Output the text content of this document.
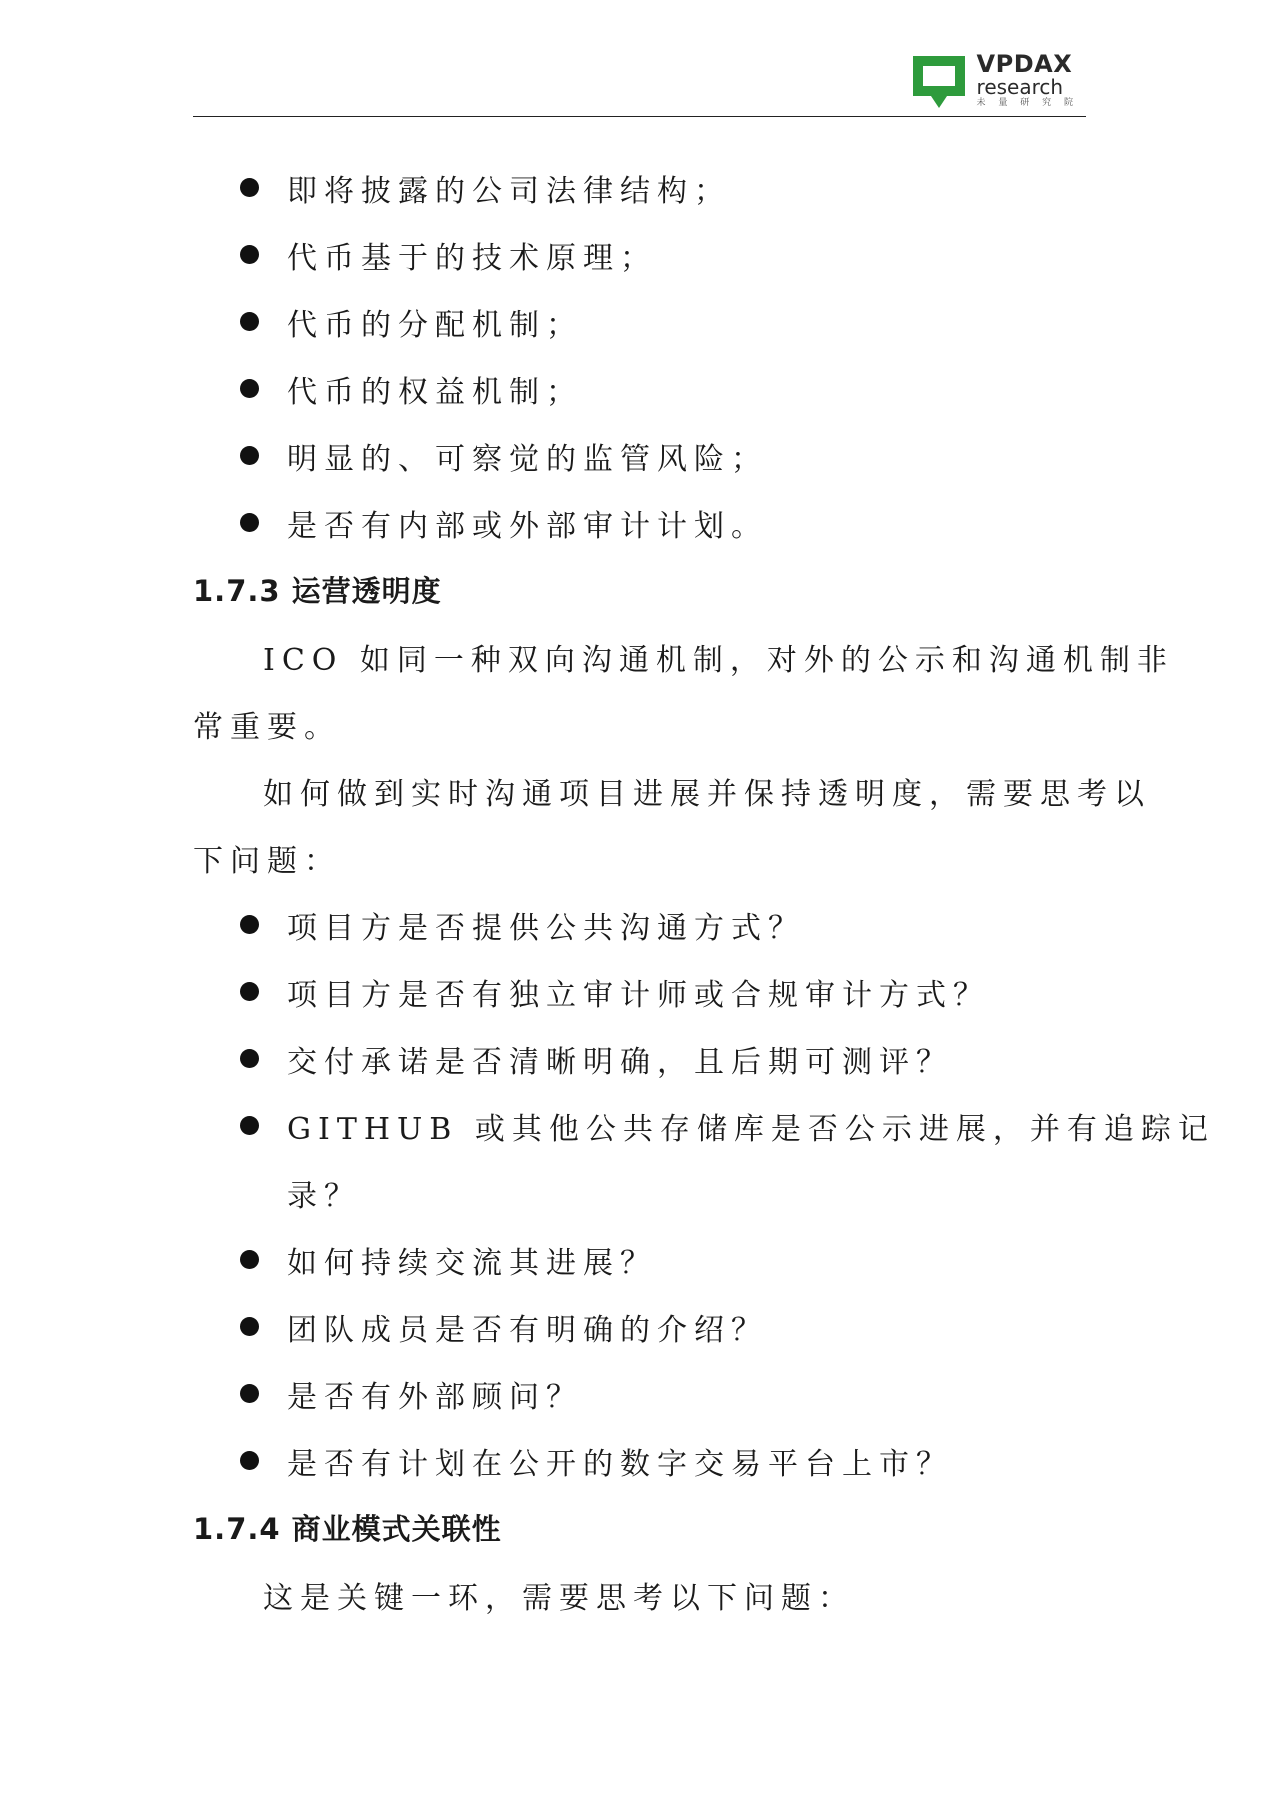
VPDAX
research
未 量 研 究 院
即将披露的公司法律结构；
代币基于的技术原理；
代币的分配机制；
代币的权益机制；
明显的、可察觉的监管风险；
是否有内部或外部审计计划。
1.7.3 运营透明度
ICO 如同一种双向沟通机制，对外的公示和沟通机制非
常重要。
如何做到实时沟通项目进展并保持透明度，需要思考以
下问题：
项目方是否提供公共沟通方式？
项目方是否有独立审计师或合规审计方式？
交付承诺是否清晰明确，且后期可测评？
GITHUB 或其他公共存储库是否公示进展，并有追踪记
录？
如何持续交流其进展？
团队成员是否有明确的介绍？
是否有外部顾问？
是否有计划在公开的数字交易平台上市？
1.7.4 商业模式关联性
这是关键一环，需要思考以下问题：
